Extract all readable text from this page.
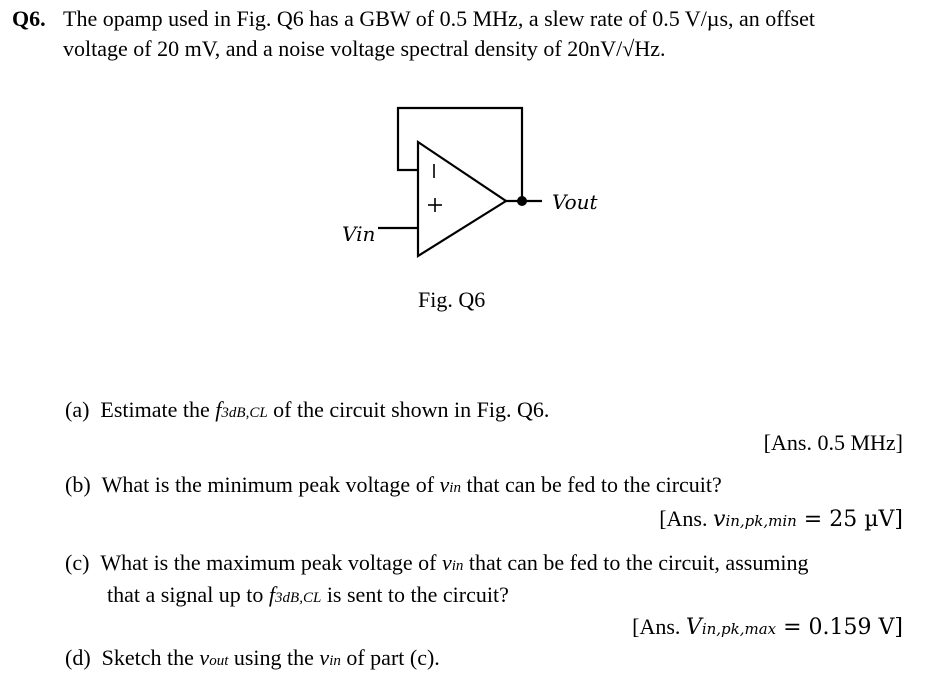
Q6. The opamp used in Fig. Q6 has a GBW of 0.5 MHz, a slew rate of 0.5 V/µs, an offset
voltage of 20 mV, and a noise voltage spectral density of 20nV/√Hz.
Vin
Vout
Fig. Q6
(a) Estimate the f3dB,CL of the circuit shown in Fig. Q6.
[Ans. 0.5 MHz]
(b) What is the minimum peak voltage of vin that can be fed to the circuit?
[Ans. vin,pk,min = 25 µV]
(c) What is the maximum peak voltage of vin that can be fed to the circuit, assuming
that a signal up to f3dB,CL is sent to the circuit?
[Ans. Vin,pk,max = 0.159 V]
(d) Sketch the vout using the vin of part (c).
